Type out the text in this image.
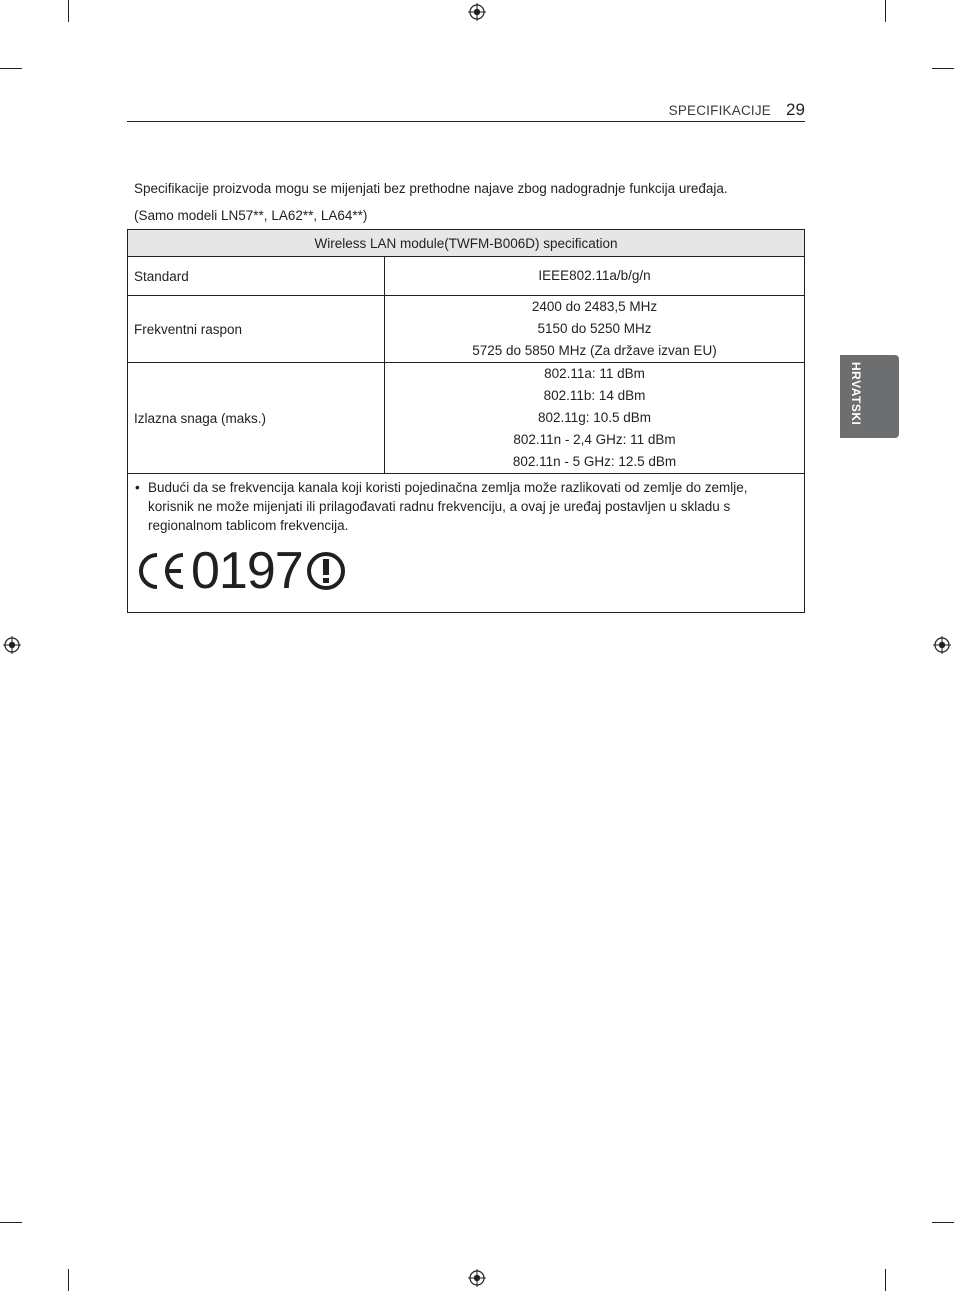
SPECIFIKACIJE 29
HRVATSKI
Specifikacije proizvoda mogu se mijenjati bez prethodne najave zbog nadogradnje funkcija uređaja.
(Samo modeli LN57**, LA62**, LA64**)
Wireless LAN module(TWFM-B006D) specification	
Standard	IEEE802.11a/b/g/n

Frekventni raspon	2400 do 2483,5 MHz
5150 do 5250 MHz
5725 do 5850 MHz (Za države izvan EU)

Izlazna snaga (maks.)	802.11a: 11 dBm
802.11b: 14 dBm
802.11g: 10.5 dBm
802.11n - 2,4 GHz: 11 dBm
802.11n - 5 GHz: 12.5 dBm

• Budući da se frekvencija kanala koji koristi pojedinačna zemlja može razlikovati od zemlje do zemlje, korisnik ne može mijenjati ili prilagođavati radnu frekvenciju, a ovaj je uređaj postavljen u skladu s regionalnom tablicom frekvencija.
0197	
